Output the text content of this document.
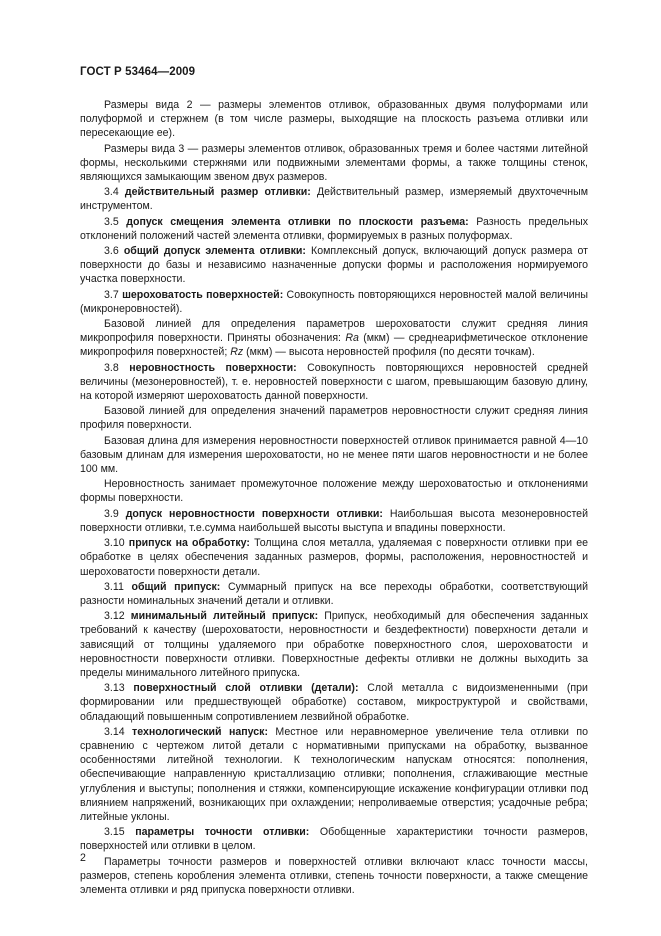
ГОСТ Р 53464—2009

Размеры вида 2 — размеры элементов отливок, образованных двумя полуформами или полуформой и стержнем (в том числе размеры, выходящие на плоскость разъема отливки или пересекающие ее).

Размеры вида 3 — размеры элементов отливок, образованных тремя и более частями литейной формы, несколькими стержнями или подвижными элементами формы, а также толщины стенок, являющихся замыкающим звеном двух размеров.

3.4 действительный размер отливки: Действительный размер, измеряемый двухточечным инструментом.

3.5 допуск смещения элемента отливки по плоскости разъема: Разность предельных отклонений положений частей элемента отливки, формируемых в разных полуформах.

3.6 общий допуск элемента отливки: Комплексный допуск, включающий допуск размера от поверхности до базы и независимо назначенные допуски формы и расположения нормируемого участка поверхности.

3.7 шероховатость поверхностей: Совокупность повторяющихся неровностей малой величины (микронеровностей).

Базовой линией для определения параметров шероховатости служит средняя линия микропрофиля поверхности. Приняты обозначения: Ra (мкм) — среднеарифметическое отклонение микропрофиля поверхностей; Rz (мкм) — высота неровностей профиля (по десяти точкам).

3.8 неровностность поверхности: Совокупность повторяющихся неровностей средней величины (мезонеровностей), т. е. неровностей поверхности с шагом, превышающим базовую длину, на которой измеряют шероховатость данной поверхности.

Базовой линией для определения значений параметров неровностности служит средняя линия профиля поверхности.

Базовая длина для измерения неровностности поверхностей отливок принимается равной 4—10 базовым длинам для измерения шероховатости, но не менее пяти шагов неровностности и не более 100 мм.

Неровностность занимает промежуточное положение между шероховатостью и отклонениями формы поверхности.

3.9 допуск неровностности поверхности отливки: Наибольшая высота мезонеровностей поверхности отливки, т.е.сумма наибольшей высоты выступа и впадины поверхности.

3.10 припуск на обработку: Толщина слоя металла, удаляемая с поверхности отливки при ее обработке в целях обеспечения заданных размеров, формы, расположения, неровностностей и шероховатости поверхности детали.

3.11 общий припуск: Суммарный припуск на все переходы обработки, соответствующий разности номинальных значений детали и отливки.

3.12 минимальный литейный припуск: Припуск, необходимый для обеспечения заданных требований к качеству (шероховатости, неровностности и бездефектности) поверхности детали и зависящий от толщины удаляемого при обработке поверхностного слоя, шероховатости и неровностности поверхности отливки. Поверхностные дефекты отливки не должны выходить за пределы минимального литейного припуска.

3.13 поверхностный слой отливки (детали): Слой металла с видоизмененными (при формировании или предшествующей обработке) составом, микроструктурой и свойствами, обладающий повышенным сопротивлением лезвийной обработке.

3.14 технологический напуск: Местное или неравномерное увеличение тела отливки по сравнению с чертежом литой детали с нормативными припусками на обработку, вызванное особенностями литейной технологии. К технологическим напускам относятся: пополнения, обеспечивающие направленную кристаллизацию отливки; пополнения, сглаживающие местные углубления и выступы; пополнения и стяжки, компенсирующие искажение конфигурации отливки под влиянием напряжений, возникающих при охлаждении; непроливаемые отверстия; усадочные ребра; литейные уклоны.

3.15 параметры точности отливки: Обобщенные характеристики точности размеров, поверхностей или отливки в целом.

Параметры точности размеров и поверхностей отливки включают класс точности массы, размеров, степень коробления элемента отливки, степень точности поверхности, а также смещение элемента отливки и ряд припуска поверхности отливки.

2
